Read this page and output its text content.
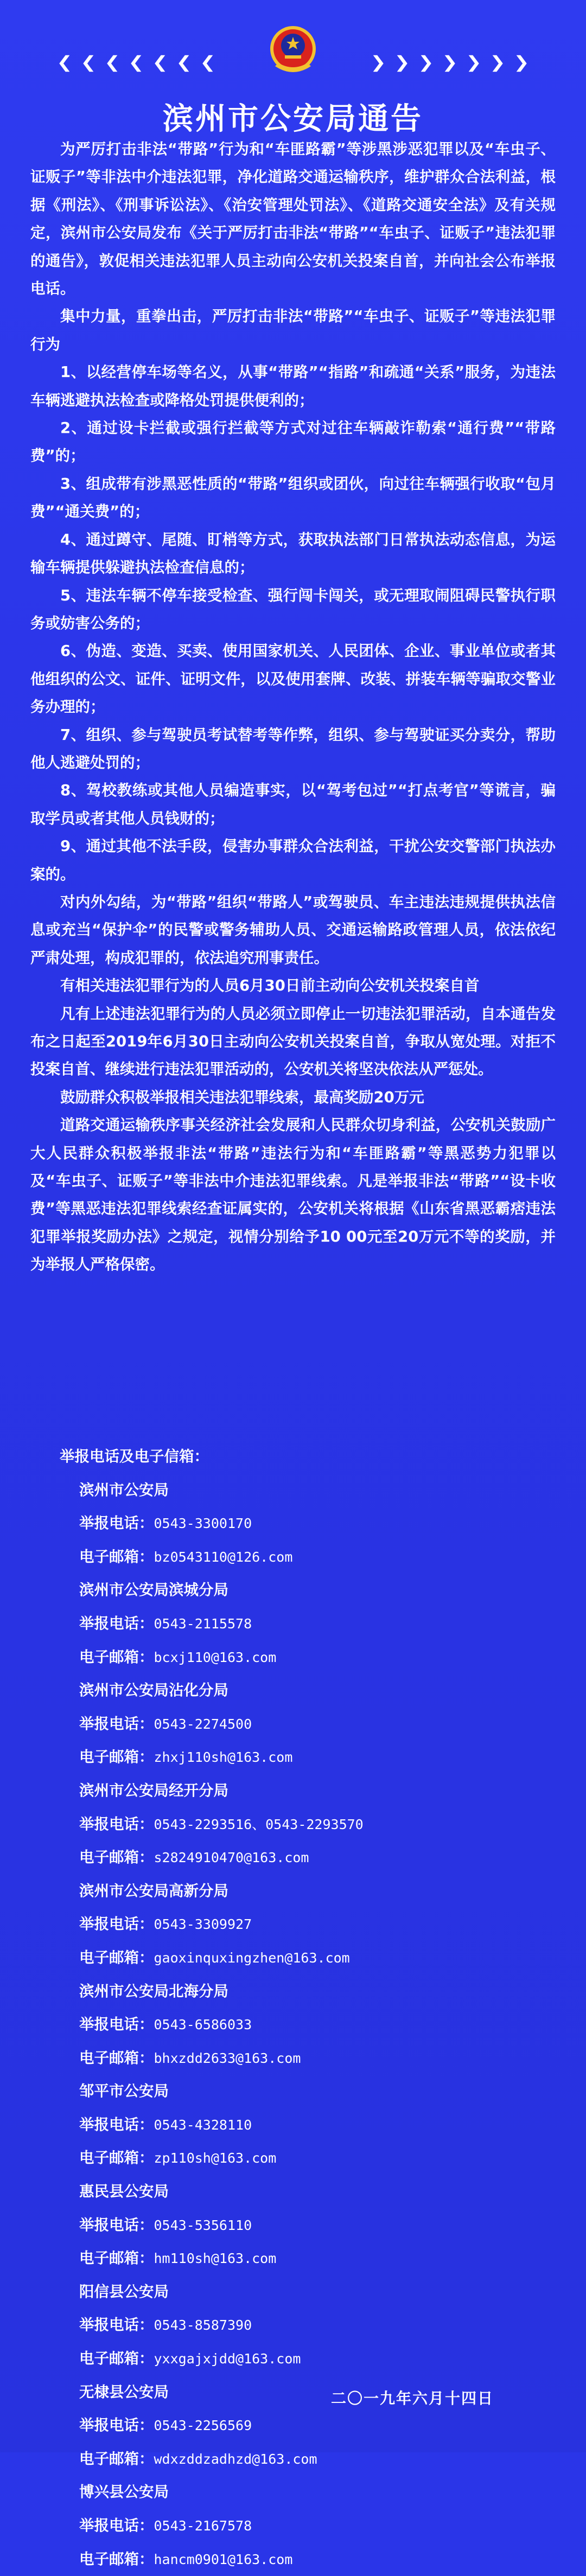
滨州市公安局通告

为严厉打击非法“带路”行为和“车匪路霸”等涉黑涉恶犯罪以及“车虫子、证贩子”等非法中介违法犯罪，净化道路交通运输秩序，维护群众合法利益，根据《刑法》、《刑事诉讼法》、《治安管理处罚法》、《道路交通安全法》及有关规定，滨州市公安局发布《关于严厉打击非法“带路”“车虫子、证贩子”违法犯罪的通告》，敦促相关违法犯罪人员主动向公安机关投案自首，并向社会公布举报电话。

集中力量，重拳出击，严厉打击非法“带路”“车虫子、证贩子”等违法犯罪行为

1、以经营停车场等名义，从事“带路”“指路”和疏通“关系”服务，为违法车辆逃避执法检查或降格处罚提供便利的；

2、通过设卡拦截或强行拦截等方式对过往车辆敲诈勒索“通行费”“带路费”的；

3、组成带有涉黑恶性质的“带路”组织或团伙，向过往车辆强行收取“包月费”“通关费”的；

4、通过蹲守、尾随、盯梢等方式，获取执法部门日常执法动态信息，为运输车辆提供躲避执法检查信息的；

5、违法车辆不停车接受检查、强行闯卡闯关，或无理取闹阻碍民警执行职务或妨害公务的；

6、伪造、变造、买卖、使用国家机关、人民团体、企业、事业单位或者其他组织的公文、证件、证明文件，以及使用套牌、改装、拼装车辆等骗取交警业务办理的；

7、组织、参与驾驶员考试替考等作弊，组织、参与驾驶证买分卖分，帮助他人逃避处罚的；

8、驾校教练或其他人员编造事实，以“驾考包过”“打点考官”等谎言，骗取学员或者其他人员钱财的；

9、通过其他不法手段，侵害办事群众合法利益，干扰公安交警部门执法办案的。

对内外勾结，为“带路”组织“带路人”或驾驶员、车主违法违规提供执法信息或充当“保护伞”的民警或警务辅助人员、交通运输路政管理人员，依法依纪严肃处理，构成犯罪的，依法追究刑事责任。

有相关违法犯罪行为的人员6月30日前主动向公安机关投案自首

凡有上述违法犯罪行为的人员必须立即停止一切违法犯罪活动，自本通告发布之日起至2019年6月30日主动向公安机关投案自首，争取从宽处理。对拒不投案自首、继续进行违法犯罪活动的，公安机关将坚决依法从严惩处。

鼓励群众积极举报相关违法犯罪线索，最高奖励20万元

道路交通运输秩序事关经济社会发展和人民群众切身利益，公安机关鼓励广大人民群众积极举报非法“带路”违法行为和“车匪路霸”等黑恶势力犯罪以及“车虫子、证贩子”等非法中介违法犯罪线索。凡是举报非法“带路”“设卡收费”等黑恶违法犯罪线索经查证属实的，公安机关将根据《山东省黑恶霸痞违法犯罪举报奖励办法》之规定，视情分别给予10 00元至20万元不等的奖励，并为举报人严格保密。

举报电话及电子信箱：
滨州市公安局
举报电话：0543-3300170
电子邮箱：bz0543110@126.com
滨州市公安局滨城分局
举报电话：0543-2115578
电子邮箱：bcxj110@163.com
滨州市公安局沾化分局
举报电话：0543-2274500
电子邮箱：zhxj110sh@163.com
滨州市公安局经开分局
举报电话：0543-2293516、0543-2293570
电子邮箱：s2824910470@163.com
滨州市公安局高新分局
举报电话：0543-3309927
电子邮箱：gaoxinquxingzhen@163.com
滨州市公安局北海分局
举报电话：0543-6586033
电子邮箱：bhxzdd2633@163.com
邹平市公安局
举报电话：0543-4328110
电子邮箱：zp110sh@163.com
惠民县公安局
举报电话：0543-5356110
电子邮箱：hm110sh@163.com
阳信县公安局
举报电话：0543-8587390
电子邮箱：yxxgajxjdd@163.com
无棣县公安局
举报电话：0543-2256569
电子邮箱：wdxzddzadhzd@163.com
博兴县公安局
举报电话：0543-2167578
电子邮箱：hancm0901@163.com
二〇一九年六月十四日
